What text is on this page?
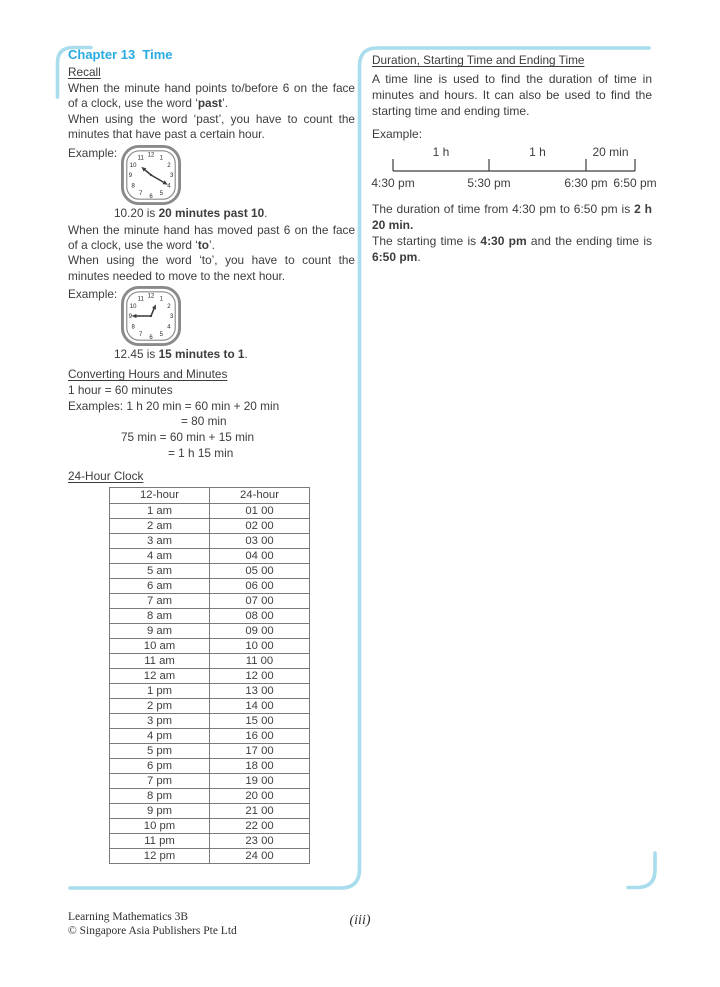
Chapter 13  Time
Recall

When the minute hand points to/before 6 on the face of a clock, use the word ‘past’.

When using the word ‘past’, you have to count the minutes that have past a certain hour.

Example:	1
2
3
4
5
6
7
8
9
10
11 12

10.20 is 20 minutes past 10.

When the minute hand has moved past 6 on the face of a clock, use the word ‘to’.

When using the word ‘to’, you have to count the minutes needed to move to the next hour.

Example:	1
2
3
4
5
6
7
8
9
10
11 12

12.45 is 15 minutes to 1.

Converting Hours and Minutes
1 hour = 60 minutes
Examples: 1 h 20 min = 60 min + 20 min
= 80 min
75 min = 60 min + 15 min
= 1 h 15 min
24-Hour Clock
12-hour	24-hour
1 am	01 00
2 am	02 00
3 am	03 00
4 am	04 00
5 am	05 00
6 am	06 00
7 am	07 00
8 am	08 00
9 am	09 00
10 am	10 00
11 am	11 00
12 am	12 00
1 pm	13 00
2 pm	14 00
3 pm	15 00
4 pm	16 00
5 pm	17 00
6 pm	18 00
7 pm	19 00
8 pm	20 00
9 pm	21 00
10 pm	22 00
11 pm	23 00
12 pm	24 00
Duration, Starting Time and Ending Time

A time line is used to find the duration of time in minutes and hours. It can also be used to find the starting time and ending time.

Example:
1 h	1 h	20 min
4:30 pm	5:30 pm	6:30 pm 6:50 pm

The duration of time from 4:30 pm to 6:50 pm is 2 h 20 min.

The starting time is 4:30 pm and the ending time is 6:50 pm.

Learning Mathematics 3B
© Singapore Asia Publishers Pte Ltd
(iii)
